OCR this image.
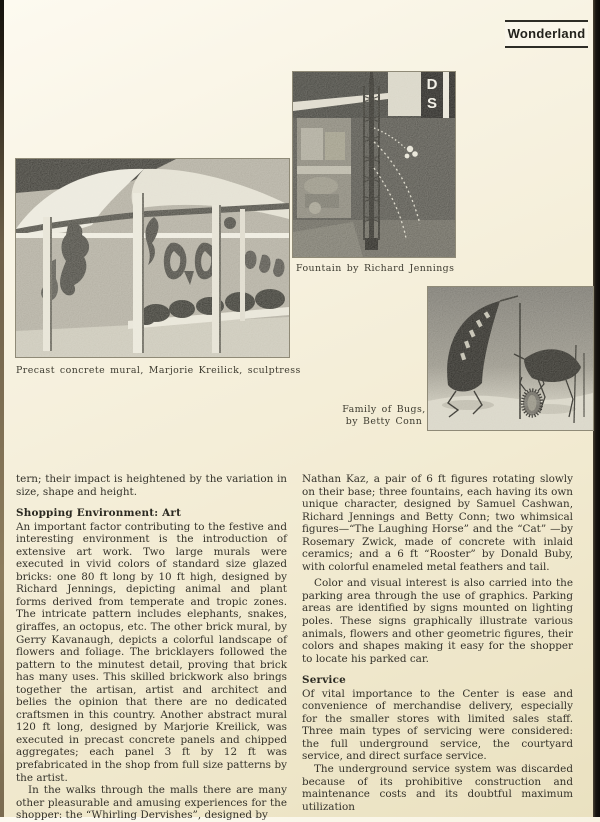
Wonderland
D
S
Fountain by Richard Jennings
Precast concrete mural, Marjorie Kreilick, sculptress
Family of Bugs,
by Betty Conn

tern; their impact is heightened by the variation in size, shape and height.

Shopping Environment: Art

An important factor contributing to the festive and interesting environment is the introduction of extensive art work. Two large murals were executed in vivid colors of standard size glazed bricks: one 80 ft long by 10 ft high, designed by Richard Jennings, depicting animal and plant forms derived from temperate and tropic zones. The intricate pattern includes elephants, snakes, giraffes, an octopus, etc. The other brick mural, by Gerry Kavanaugh, depicts a colorful landscape of flowers and foliage. The bricklayers followed the pattern to the minutest detail, proving that brick has many uses. This skilled brickwork also brings together the artisan, artist and architect and belies the opinion that there are no dedicated craftsmen in this country. Another abstract mural 120 ft long, designed by Marjorie Kreilick, was executed in precast concrete panels and chipped aggregates; each panel 3 ft by 12 ft was prefabricated in the shop from full size patterns by the artist.

In the walks through the malls there are many other pleasurable and amusing experiences for the shopper: the “Whirling Dervishes”, designed by

Nathan Kaz, a pair of 6 ft figures rotating slowly on their base; three fountains, each having its own unique character, designed by Samuel Cashwan, Richard Jennings and Betty Conn; two whimsical figures—“The Laughing Horse” and the “Cat” —by Rosemary Zwick, made of concrete with inlaid ceramics; and a 6 ft “Rooster” by Donald Buby, with colorful enameled metal feathers and tail.

Color and visual interest is also carried into the parking area through the use of graphics. Parking areas are identified by signs mounted on lighting poles. These signs graphically illustrate various animals, flowers and other geometric figures, their colors and shapes making it easy for the shopper to locate his parked car.

Service

Of vital importance to the Center is ease and convenience of merchandise delivery, especially for the smaller stores with limited sales staff. Three main types of servicing were considered: the full underground service, the courtyard service, and direct surface service.

The underground service system was discarded because of its prohibitive construction and maintenance costs and its doubtful maximum utilization
